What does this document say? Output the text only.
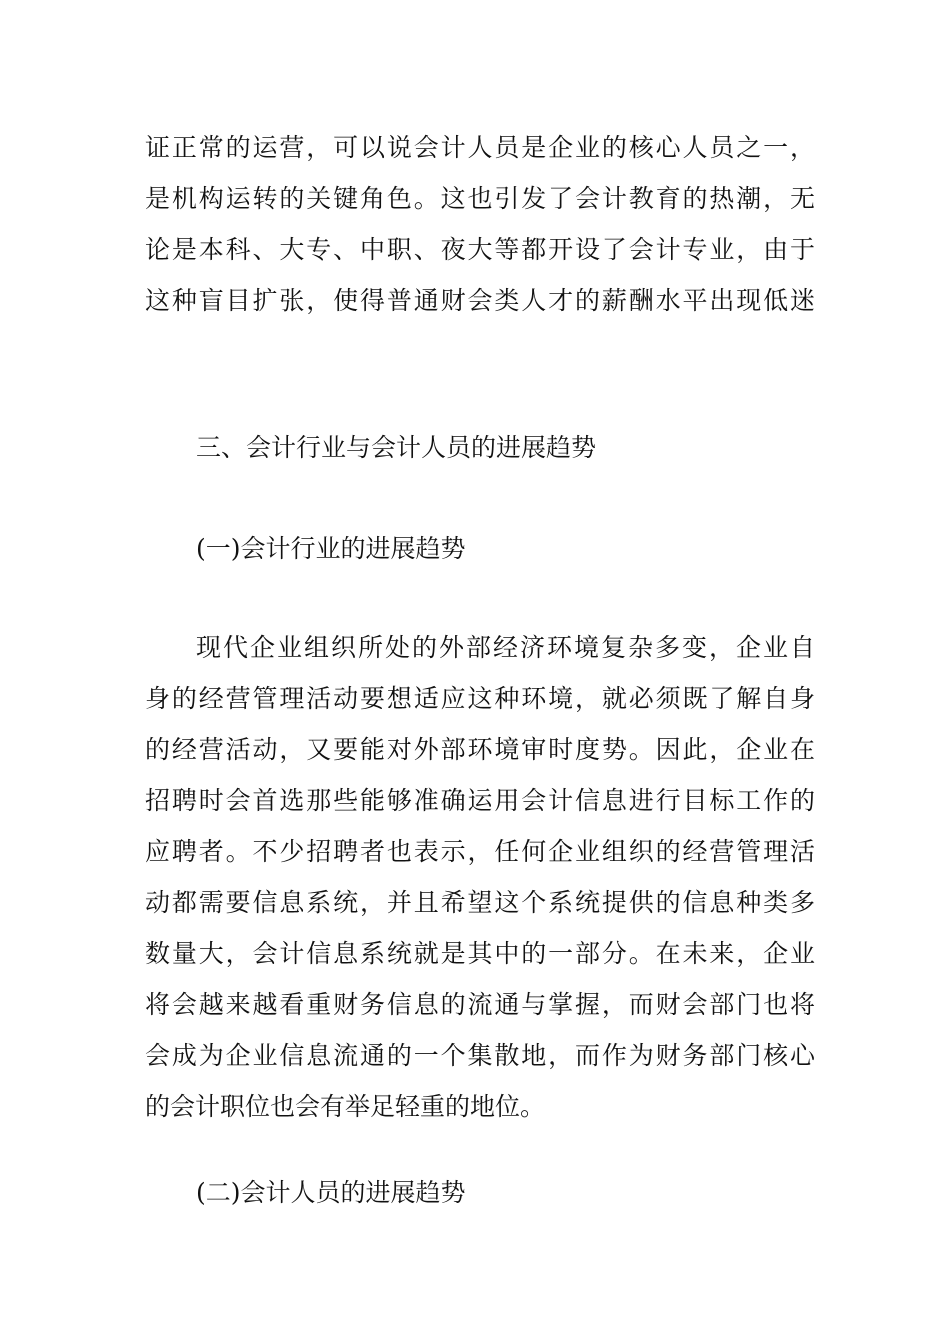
证正常的运营，可以说会计人员是企业的核心人员之一，
是机构运转的关键角色。这也引发了会计教育的热潮，无
论是本科、大专、中职、夜大等都开设了会计专业，由于
这种盲目扩张，使得普通财会类人才的薪酬水平出现低迷
三、会计行业与会计人员的进展趋势
(一)会计行业的进展趋势
现代企业组织所处的外部经济环境复杂多变，企业自
身的经营管理活动要想适应这种环境，就必须既了解自身
的经营活动，又要能对外部环境审时度势。因此，企业在
招聘时会首选那些能够准确运用会计信息进行目标工作的
应聘者。不少招聘者也表示，任何企业组织的经营管理活
动都需要信息系统，并且希望这个系统提供的信息种类多
数量大，会计信息系统就是其中的一部分。在未来，企业
将会越来越看重财务信息的流通与掌握，而财会部门也将
会成为企业信息流通的一个集散地，而作为财务部门核心
的会计职位也会有举足轻重的地位。
(二)会计人员的进展趋势
